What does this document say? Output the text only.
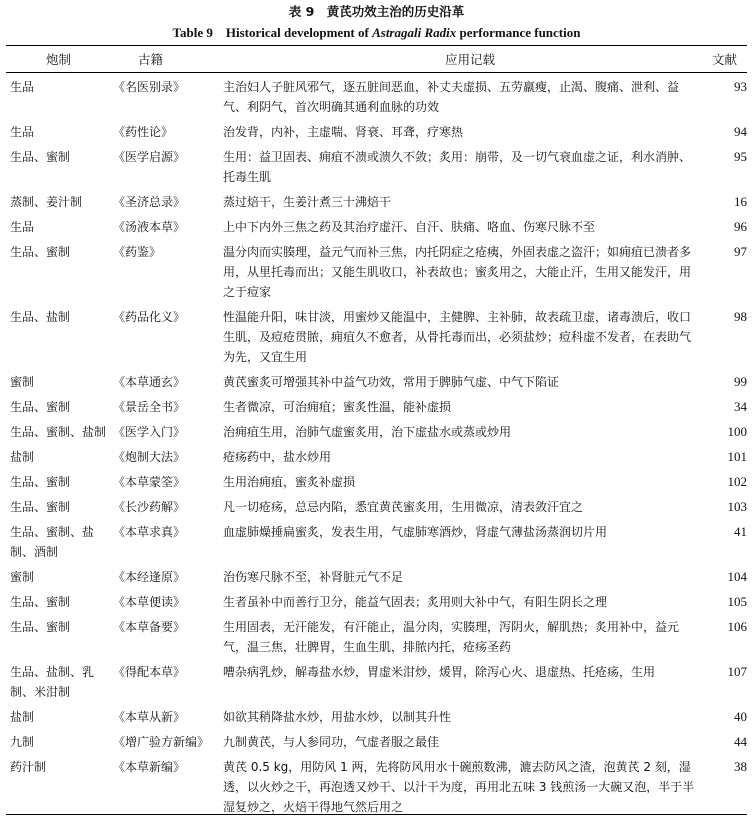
表 9　黄芪功效主治的历史沿革
Table 9　Historical development of Astragali Radix performance function
炮制	古籍	应用记载	文献
生品	《名医别录》	主治妇人子脏风邪气，逐五脏间恶血，补丈夫虚损、五劳羸瘦，止渴、腹痛、泄利、益气、利阴气，首次明确其通利血脉的功效	93
生品	《药性论》	治发背，内补，主虚喘、肾衰、耳聋，疗寒热	94
生品、蜜制	《医学启源》	生用：益卫固表、痈疽不溃或溃久不敛；炙用：崩带，及一切气衰血虚之证，利水消肿、托毒生肌	95
蒸制、姜汁制	《圣济总录》	蒸过焙干，生姜汁煮三十沸焙干	16
生品	《汤液本草》	上中下内外三焦之药及其治疗虚汗、自汗、肤痛、咯血、伤寒尺脉不至	96
生品、蜜制	《药鉴》	温分肉而实腠理，益元气而补三焦，内托阴症之疮痍，外固表虚之盗汗；如痈疽已溃者多用，从里托毒而出；又能生肌收口，补表故也；蜜炙用之，大能止汗，生用又能发汗，用之于痘家	97
生品、盐制	《药品化义》	性温能升阳，味甘淡，用蜜炒又能温中，主健脾、主补肺，故表疏卫虚，诸毒溃后，收口生肌，及痘疮贯脓，痈疽久不愈者，从骨托毒而出，必须盐炒；痘科虚不发者，在表助气为先，又宜生用	98
蜜制	《本草通玄》	黄芪蜜炙可增强其补中益气功效，常用于脾肺气虚、中气下陷证	99
生品、蜜制	《景岳全书》	生者微凉，可治痈疽；蜜炙性温，能补虚损	34
生品、蜜制、盐制	《医学入门》	治痈疽生用，治肺气虚蜜炙用，治下虚盐水或蒸或炒用	100
盐制	《炮制大法》	疮疡药中，盐水炒用	101
生品、蜜制	《本草蒙筌》	生用治痈疽，蜜炙补虚损	102
生品、蜜制	《长沙药解》	凡一切疮疡，总忌内陷，悉宜黄芪蜜炙用，生用微凉，清表敛汗宜之	103
生品、蜜制、盐制、酒制	《本草求真》	血虚肺燥捶扁蜜炙，发表生用，气虚肺寒酒炒，肾虚气薄盐汤蒸润切片用	41
蜜制	《本经逢原》	治伤寒尺脉不至，补肾脏元气不足	104
生品、蜜制	《本草便读》	生者虽补中而善行卫分，能益气固表；炙用则大补中气，有阳生阴长之理	105
生品、蜜制	《本草备要》	生用固表，无汗能发，有汗能止，温分肉，实腠理，泻阴火，解肌热；炙用补中，益元气，温三焦，壮脾胃，生血生肌，排脓内托，疮疡圣药	106
生品、盐制、乳制、米泔制	《得配本草》	嘈杂病乳炒，解毒盐水炒，胃虚米泔炒，煖胃，除泻心火、退虚热、托疮疡，生用	107
盐制	《本草从新》	如欲其稍降盐水炒，用盐水炒，以制其升性	40
九制	《增广验方新编》	九制黄芪，与人参同功，气虚者服之最佳	44
药汁制	《本草新编》	黄芪 0.5 kg，用防风 1 两，先将防风用水十碗煎数沸，漉去防风之渣，泡黄芪 2 刻，湿透，以火炒之干，再泡透又炒干、以汁干为度，再用北五味 3 钱煎汤一大碗又泡，半于半湿复炒之，火焙干得地气然后用之	38
